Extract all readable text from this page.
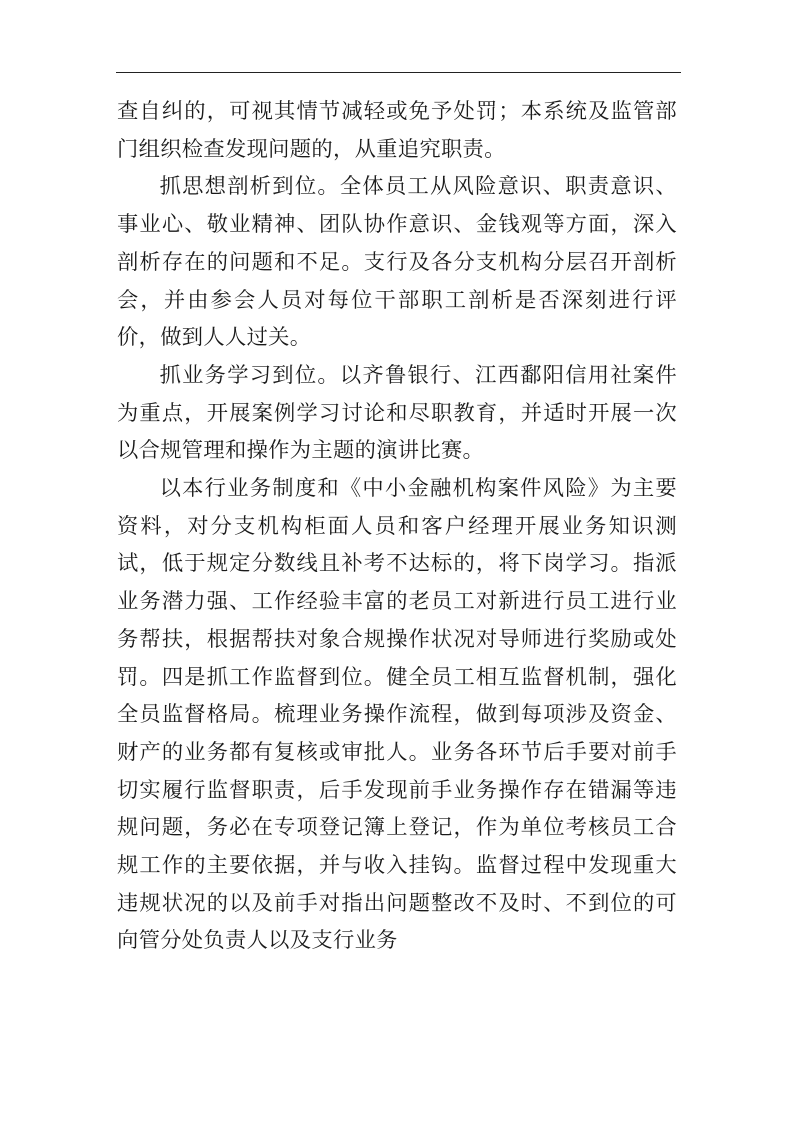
查自纠的，可视其情节减轻或免予处罚；本系统及监管部门组织检查发现问题的，从重追究职责。

抓思想剖析到位。全体员工从风险意识、职责意识、事业心、敬业精神、团队协作意识、金钱观等方面，深入剖析存在的问题和不足。支行及各分支机构分层召开剖析会，并由参会人员对每位干部职工剖析是否深刻进行评价，做到人人过关。

抓业务学习到位。以齐鲁银行、江西鄱阳信用社案件为重点，开展案例学习讨论和尽职教育，并适时开展一次以合规管理和操作为主题的演讲比赛。

以本行业务制度和《中小金融机构案件风险》为主要资料，对分支机构柜面人员和客户经理开展业务知识测试，低于规定分数线且补考不达标的，将下岗学习。指派业务潜力强、工作经验丰富的老员工对新进行员工进行业务帮扶，根据帮扶对象合规操作状况对导师进行奖励或处罚。四是抓工作监督到位。健全员工相互监督机制，强化全员监督格局。梳理业务操作流程，做到每项涉及资金、财产的业务都有复核或审批人。业务各环节后手要对前手切实履行监督职责，后手发现前手业务操作存在错漏等违规问题，务必在专项登记簿上登记，作为单位考核员工合规工作的主要依据，并与收入挂钩。监督过程中发现重大违规状况的以及前手对指出问题整改不及时、不到位的可向管分处负责人以及支行业务
